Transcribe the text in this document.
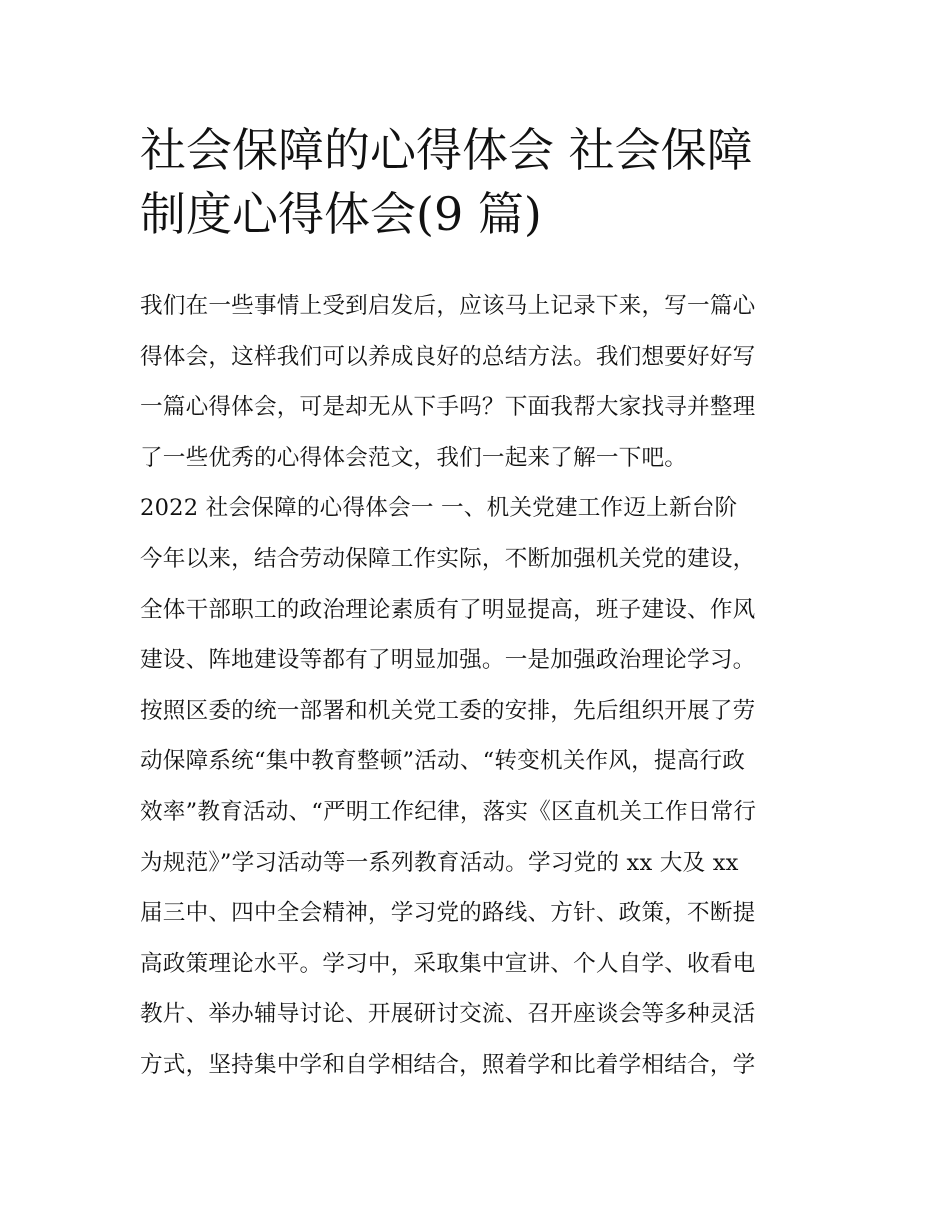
社会保障的心得体会 社会保障
制度心得体会(9 篇)
我们在一些事情上受到启发后，应该马上记录下来，写一篇心
得体会，这样我们可以养成良好的总结方法。我们想要好好写
一篇心得体会，可是却无从下手吗？下面我帮大家找寻并整理
了一些优秀的心得体会范文，我们一起来了解一下吧。
2022 社会保障的心得体会一 一、机关党建工作迈上新台阶
今年以来，结合劳动保障工作实际，不断加强机关党的建设，
全体干部职工的政治理论素质有了明显提高，班子建设、作风
建设、阵地建设等都有了明显加强。一是加强政治理论学习。
按照区委的统一部署和机关党工委的安排，先后组织开展了劳
动保障系统“集中教育整顿”活动、“转变机关作风，提高行政
效率”教育活动、“严明工作纪律，落实《区直机关工作日常行
为规范》”学习活动等一系列教育活动。学习党的 xx 大及 xx
届三中、四中全会精神，学习党的路线、方针、政策，不断提
高政策理论水平。学习中，采取集中宣讲、个人自学、收看电
教片、举办辅导讨论、开展研讨交流、召开座谈会等多种灵活
方式，坚持集中学和自学相结合，照着学和比着学相结合，学
